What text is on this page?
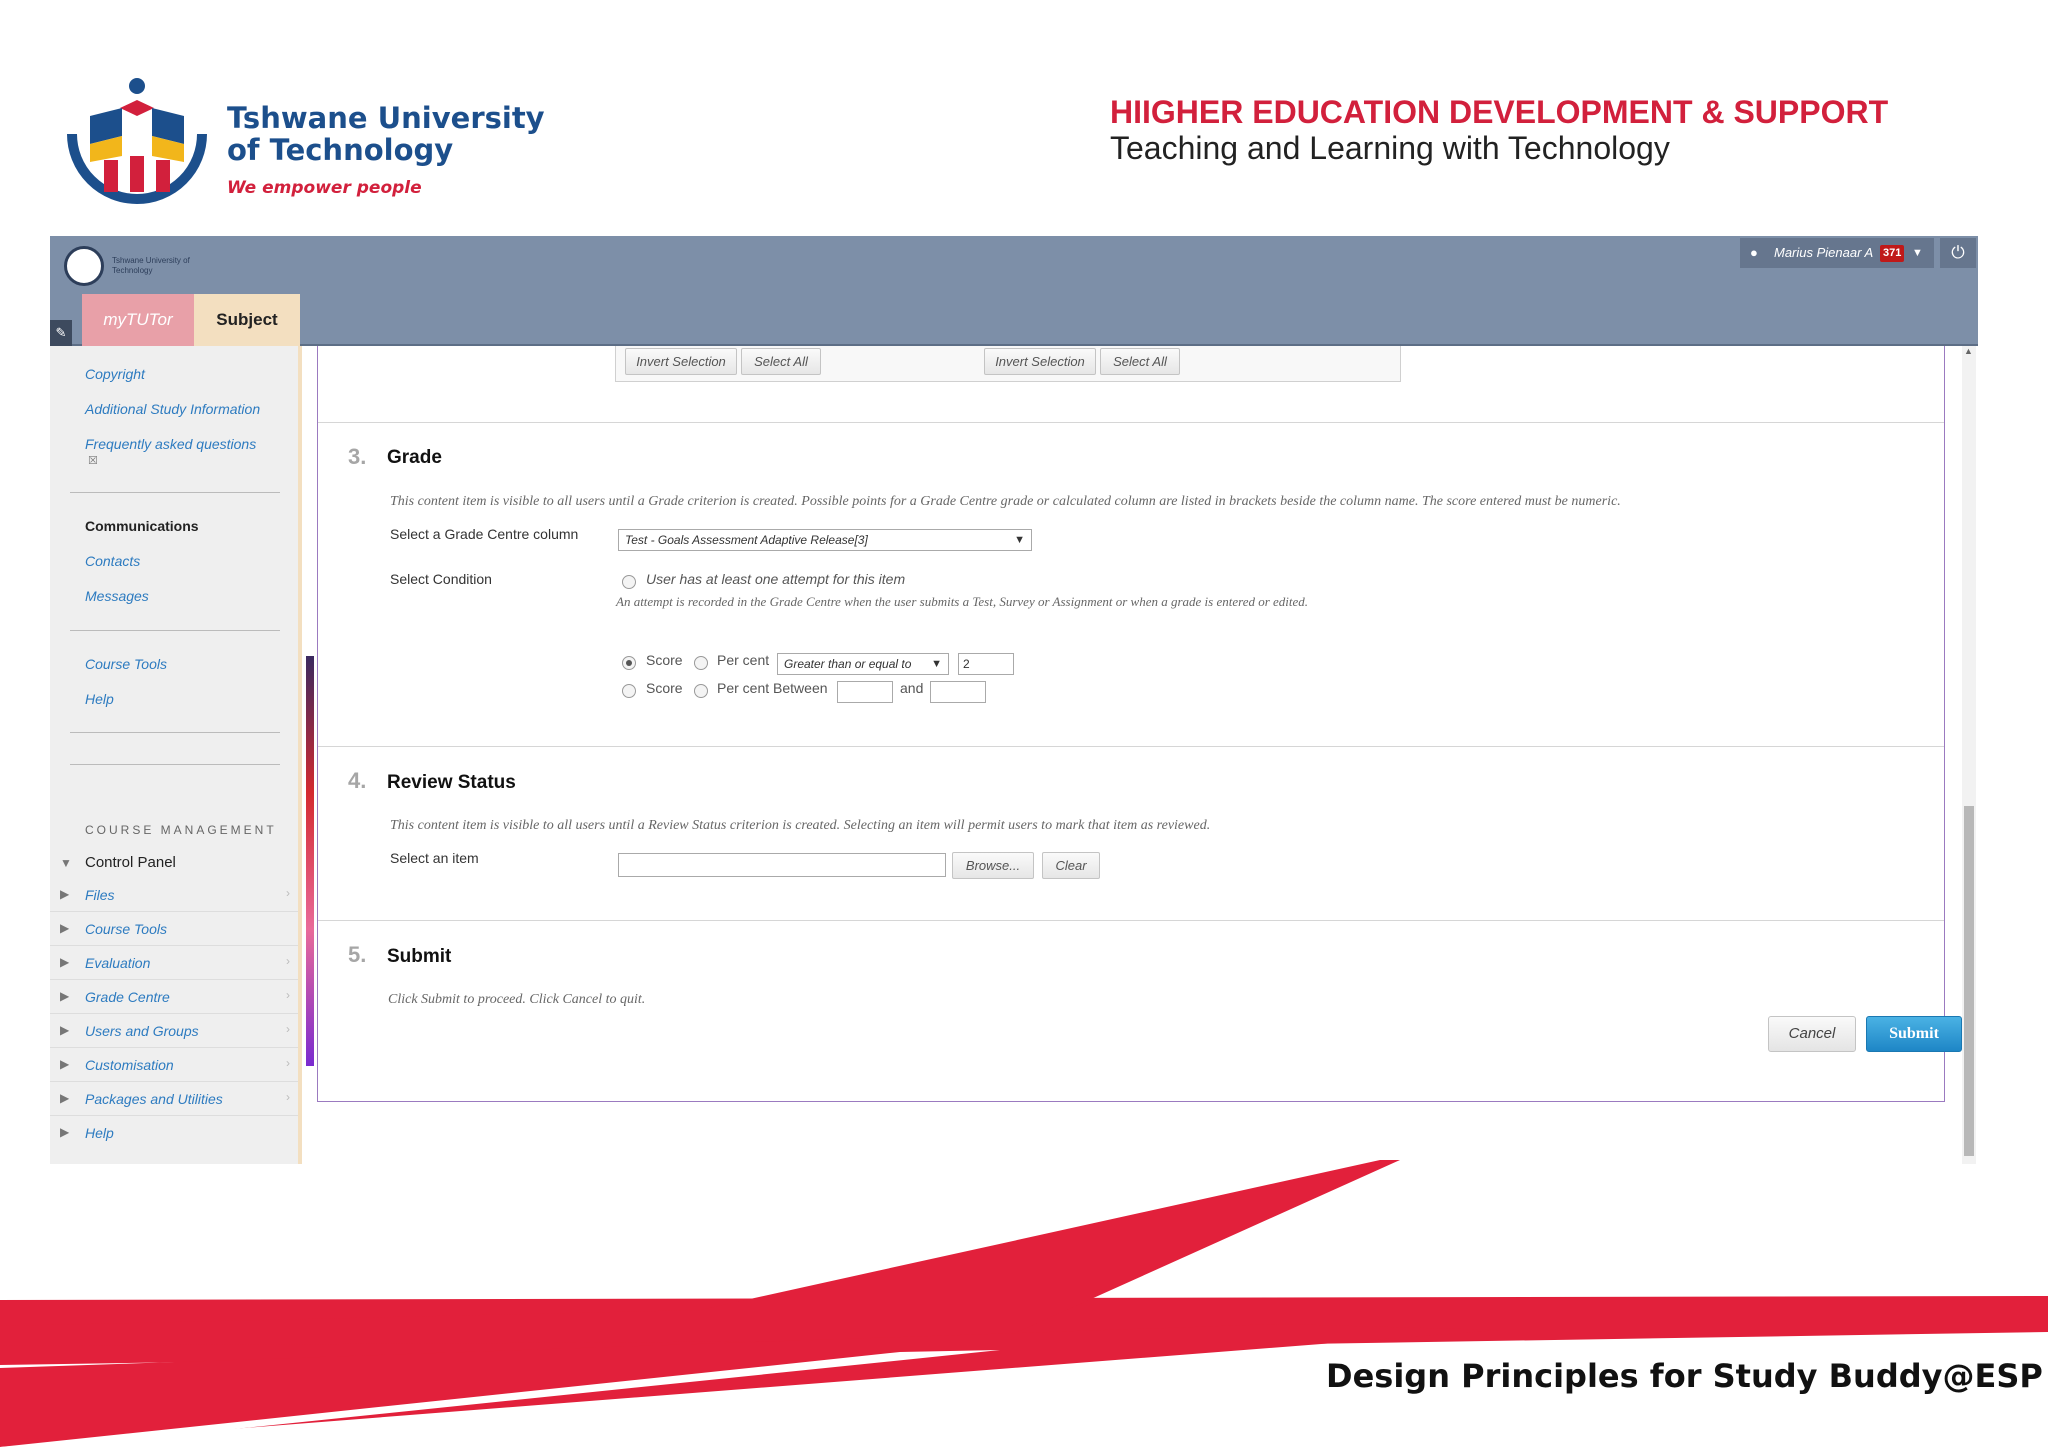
Tshwane University
of Technology
We empower people
HIIGHER EDUCATION DEVELOPMENT & SUPPORT
Teaching and Learning with Technology
Tshwane University of Technology
✎
myTUTor	Subject
● Marius Pienaar A 371 ▼	⏻
Copyright
Additional Study Information
Frequently asked questions
☒
Communications
Contacts
Messages
Course Tools
Help
COURSE MANAGEMENT
▼ Control Panel
▶ Files	›
▶ Course Tools
▶ Evaluation	›
▶ Grade Centre	›
▶ Users and Groups	›
▶ Customisation	›
▶ Packages and Utilities	›
▶ Help
Invert Selection	Select All	Invert Selection	Select All
3. Grade
This content item is visible to all users until a Grade criterion is created. Possible points for a Grade Centre grade or calculated column are listed in brackets beside the column name. The score entered must be numeric.
Select a Grade Centre column	Test - Goals Assessment Adaptive Release[3]	▼
Select Condition	User has at least one attempt for this item
An attempt is recorded in the Grade Centre when the user submits a Test, Survey or Assignment or when a grade is entered or edited.
Score Per cent	Greater than or equal to ▼	2
Score Per cent Between	and
4. Review Status
This content item is visible to all users until a Review Status criterion is created. Selecting an item will permit users to mark that item as reviewed.
Select an item	Browse...	Clear
5. Submit
Click Submit to proceed. Click Cancel to quit.
Cancel	Submit
▲
Design Principles for Study Buddy@ESP
